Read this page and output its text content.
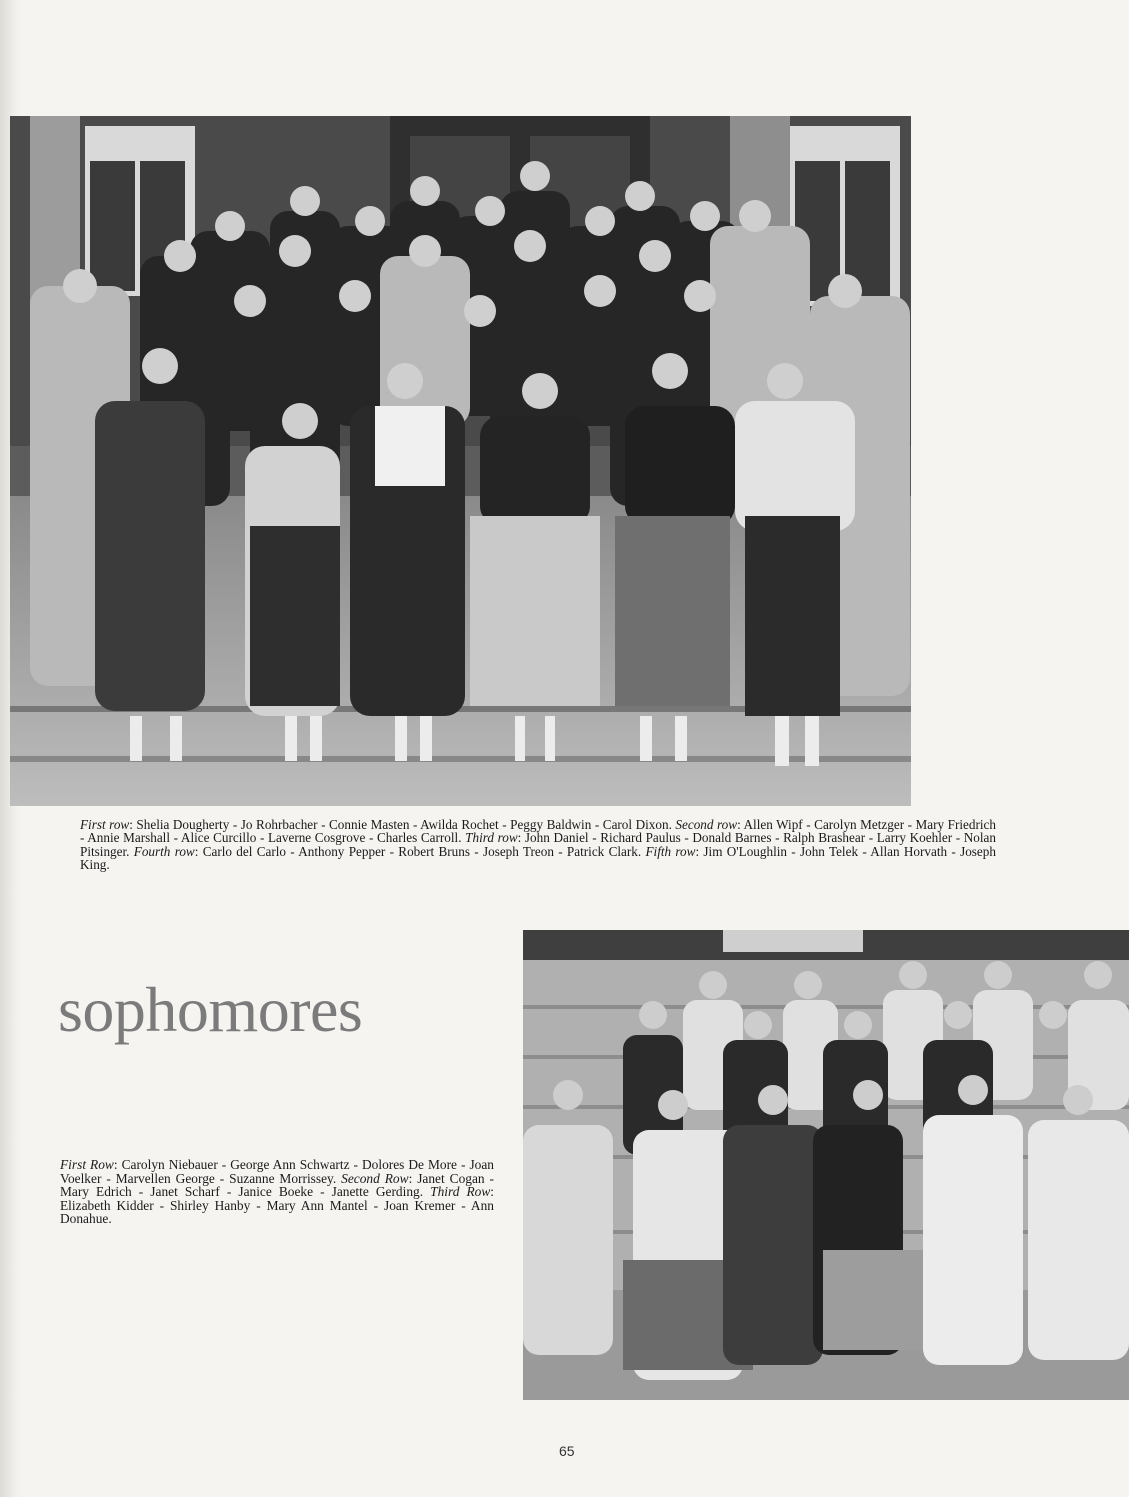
First row: Shelia Dougherty - Jo Rohrbacher - Connie Masten - Awilda Rochet - Peggy Baldwin - Carol Dixon. Second row: Allen Wipf - Carolyn Metzger - Mary Friedrich - Annie Marshall - Alice Curcillo - Laverne Cosgrove - Charles Carroll. Third row: John Daniel - Richard Paulus - Donald Barnes - Ralph Brashear - Larry Koehler - Nolan Pitsinger. Fourth row: Carlo del Carlo - Anthony Pepper - Robert Bruns - Joseph Treon - Patrick Clark. Fifth row: Jim O'Loughlin - John Telek - Allan Horvath - Joseph King.
sophomores
First Row: Carolyn Niebauer - George Ann Schwartz - Dolores De More - Joan Voelker - Marvellen George - Suzanne Morrissey. Second Row: Janet Cogan - Mary Edrich - Janet Scharf - Janice Boeke - Janette Gerding. Third Row: Elizabeth Kidder - Shirley Hanby - Mary Ann Mantel - Joan Kremer - Ann Donahue.
65
